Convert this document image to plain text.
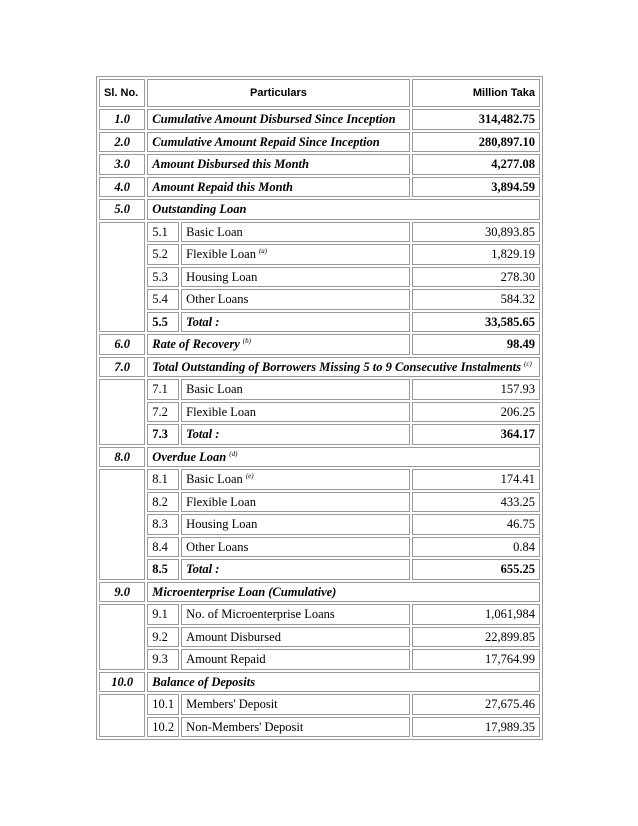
Sl. No.	Particulars		Million Taka
1.0	Cumulative Amount Disbursed Since Inception		314,482.75
2.0	Cumulative Amount Repaid Since Inception		280,897.10
3.0	Amount Disbursed this Month		4,277.08
4.0	Amount Repaid this Month		3,894.59
5.0	Outstanding Loan		
	5.1	Basic Loan	30,893.85
	5.2	Flexible Loan $^{(a)}$	1,829.19
	5.3	Housing Loan	278.30
	5.4	Other Loans	584.32
	5.5	Total :	33,585.65
6.0	Rate of Recovery $^{(b)}$		98.49
7.0	Total Outstanding of Borrowers Missing 5 to 9 Consecutive Instalments $^{(c)}$
	7.1	Basic Loan	157.93
	7.2	Flexible Loan	206.25
	7.3	Total :	364.17
8.0	Overdue Loan $^{(d)}$
	8.1	Basic Loan $^{(e)}$	174.41
	8.2	Flexible Loan	433.25
	8.3	Housing Loan	46.75
	8.4	Other Loans	0.84
	8.5	Total :	655.25
9.0	Microenterprise Loan (Cumulative)		
	9.1	No. of Microenterprise Loans	1,061,984
	9.2	Amount Disbursed	22,899.85
	9.3	Amount Repaid	17,764.99
10.0	Balance of Deposits		
	10.1	Members' Deposit	27,675.46
	10.2	Non-Members' Deposit	17,989.35
